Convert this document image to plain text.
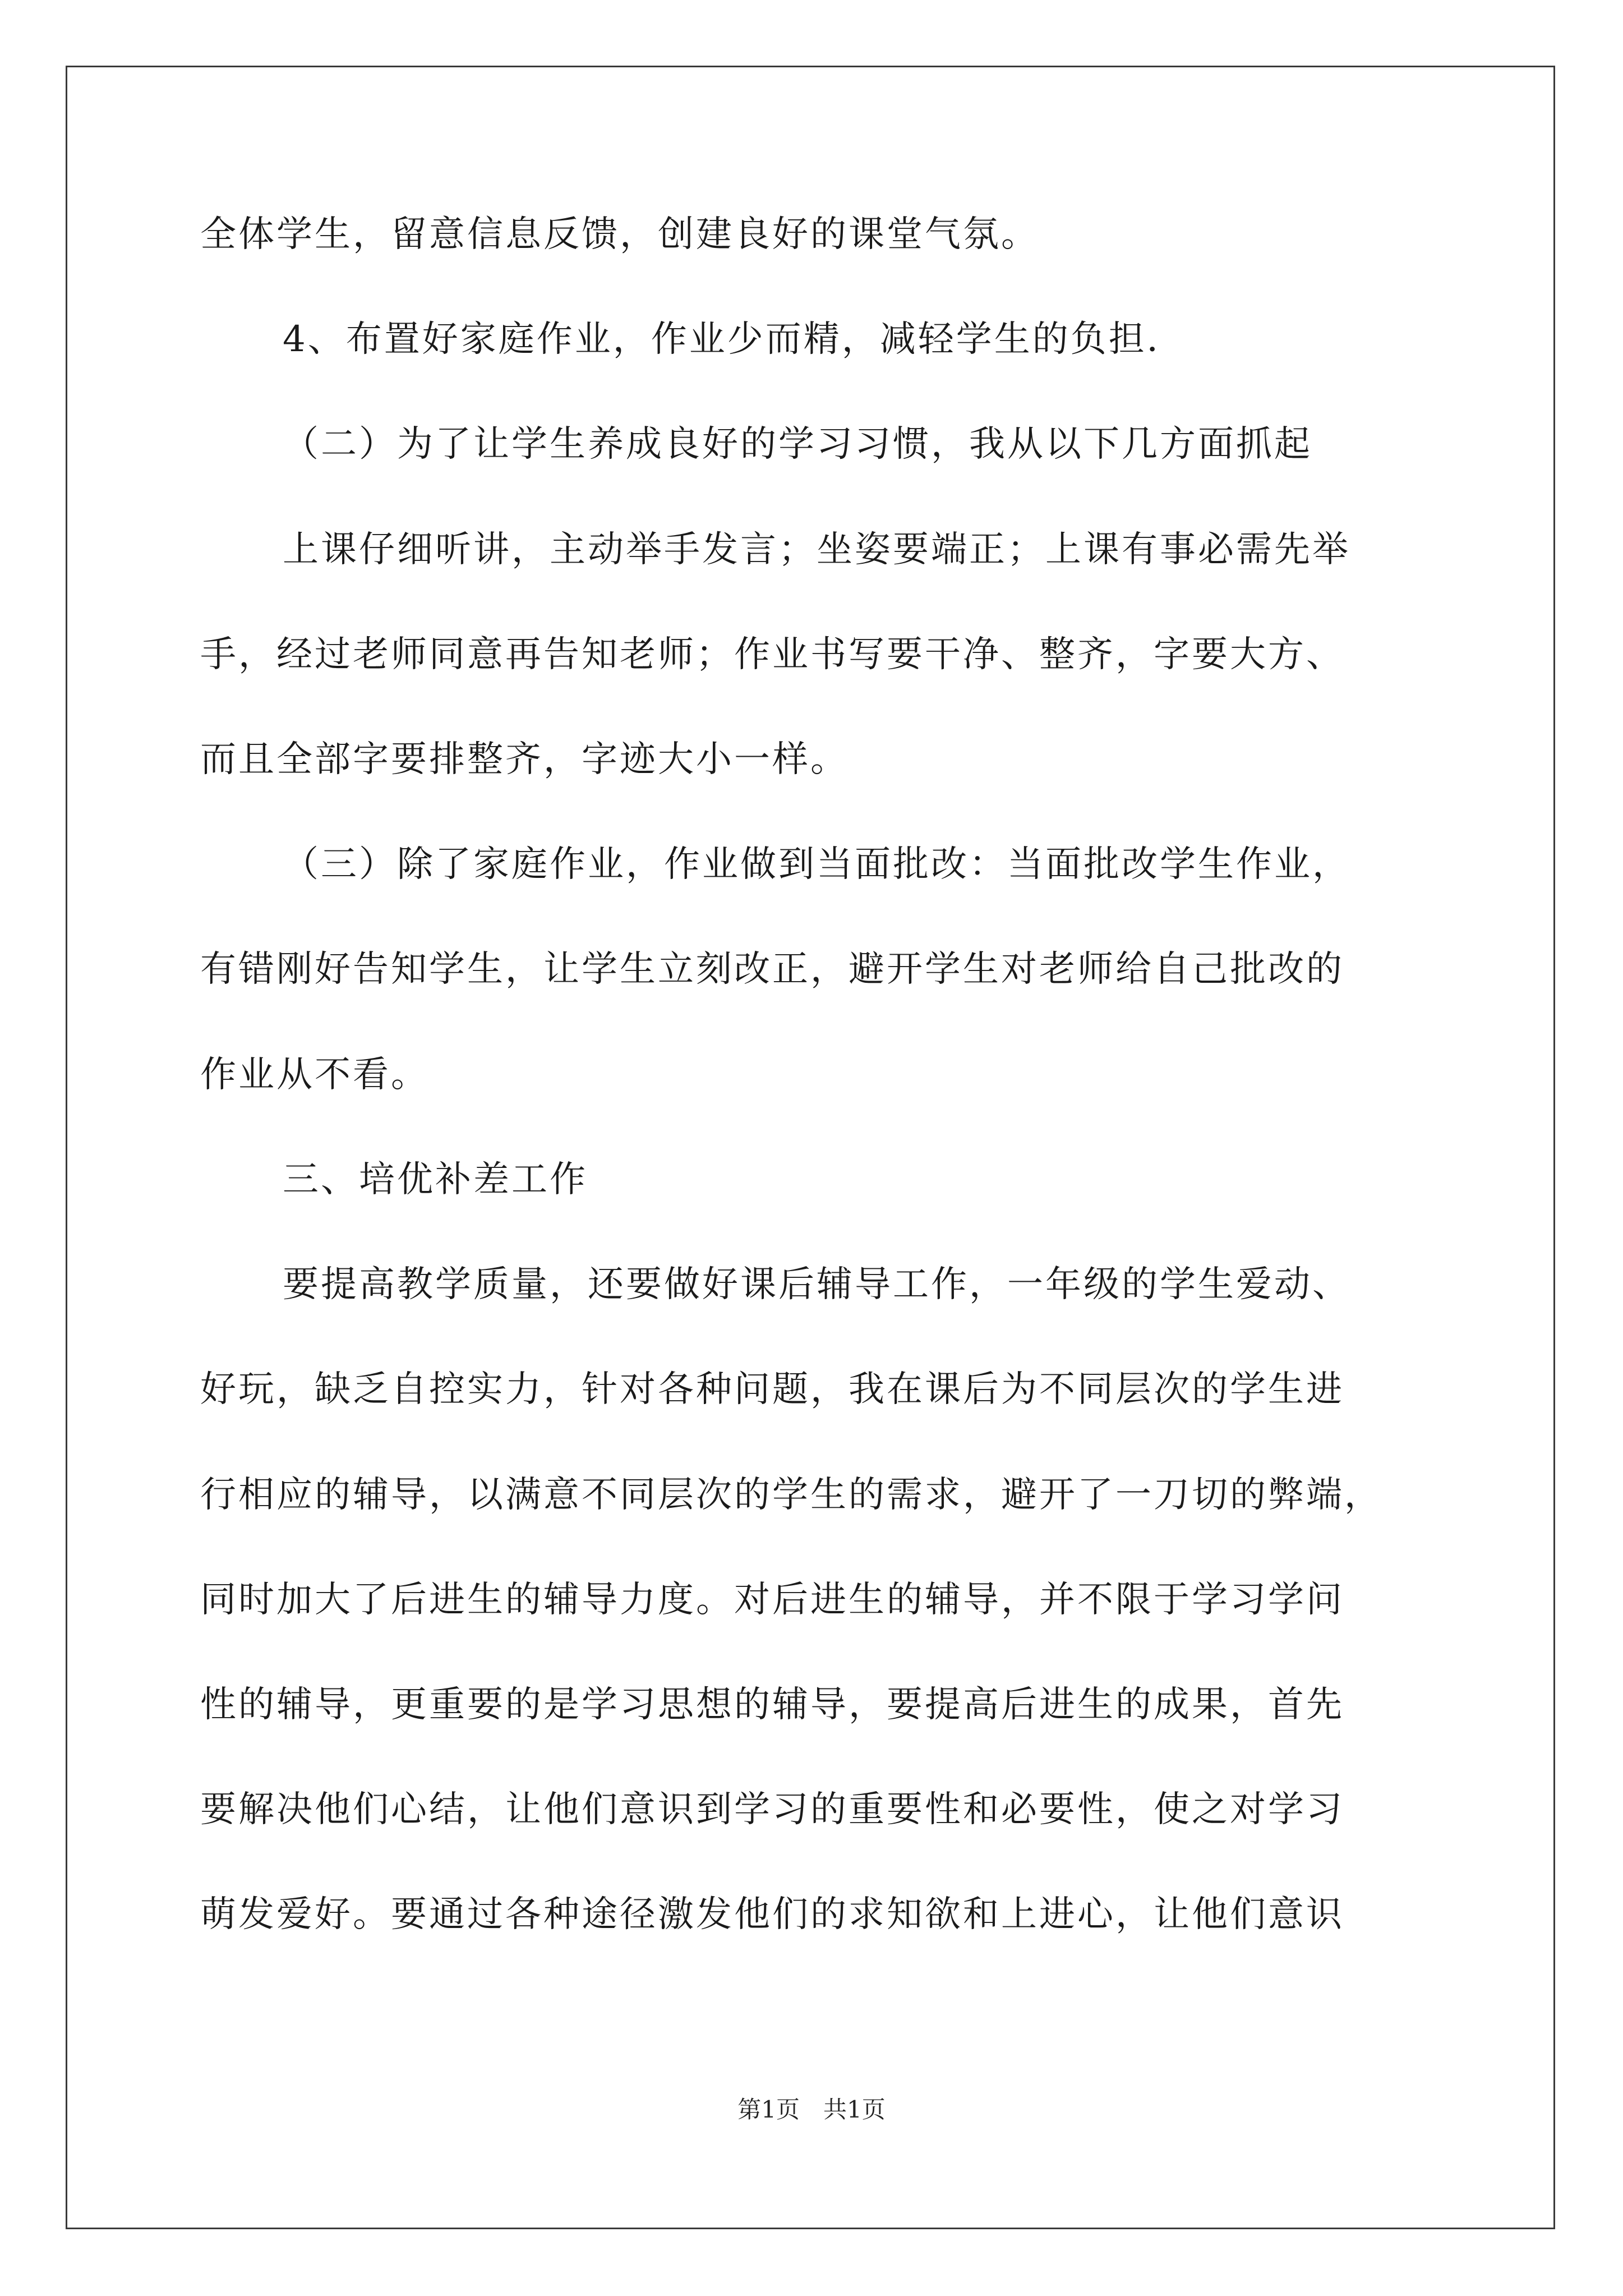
全体学生，留意信息反馈，创建良好的课堂气氛。
4、布置好家庭作业，作业少而精，减轻学生的负担．
（二）为了让学生养成良好的学习习惯，我从以下几方面抓起
上课仔细听讲，主动举手发言；坐姿要端正；上课有事必需先举
手，经过老师同意再告知老师；作业书写要干净、整齐，字要大方、
而且全部字要排整齐，字迹大小一样。
（三）除了家庭作业，作业做到当面批改：当面批改学生作业，
有错刚好告知学生，让学生立刻改正，避开学生对老师给自己批改的
作业从不看。
三、培优补差工作
要提高教学质量，还要做好课后辅导工作，一年级的学生爱动、
好玩，缺乏自控实力，针对各种问题，我在课后为不同层次的学生进
行相应的辅导，以满意不同层次的学生的需求，避开了一刀切的弊端，
同时加大了后进生的辅导力度。对后进生的辅导，并不限于学习学问
性的辅导，更重要的是学习思想的辅导，要提高后进生的成果，首先
要解决他们心结，让他们意识到学习的重要性和必要性，使之对学习
萌发爱好。要通过各种途径激发他们的求知欲和上进心，让他们意识
第1页　共1页
